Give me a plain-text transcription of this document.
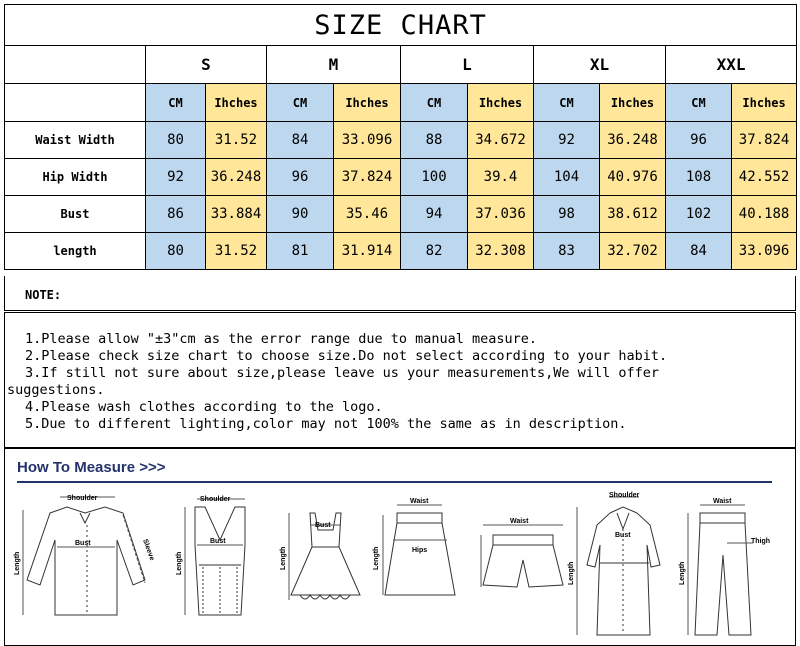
SIZE CHART										
	S		M		L		XL		XXL	
	CM	Ihches	CM	Ihches	CM	Ihches	CM	Ihches	CM	Ihches
Waist Width	80	31.52	84	33.096	88	34.672	92	36.248	96	37.824
Hip Width	92	36.248	96	37.824	100	39.4	104	40.976	108	42.552
Bust	86	33.884	90	35.46	94	37.036	98	38.612	102	40.188
length	80	31.52	81	31.914	82	32.308	83	32.702	84	33.096
NOTE:
1.Please allow "±3"cm as the error range due to manual measure.
2.Please check size chart to choose size.Do not select according to your habit.
3.If still not sure about size,please leave us your measurements,We will offer
suggestions.
4.Please wash clothes according to the logo.
5.Due to different lighting,color may not 100% the same as in description.
How To Measure >>>
Shoulder
Bust
Length
Sleeve
Shoulder
Bust
Length
Bust
Length
Waist
Hips
Length
Waist
Shoulder
Bust
Length
Waist
Thigh
Length
